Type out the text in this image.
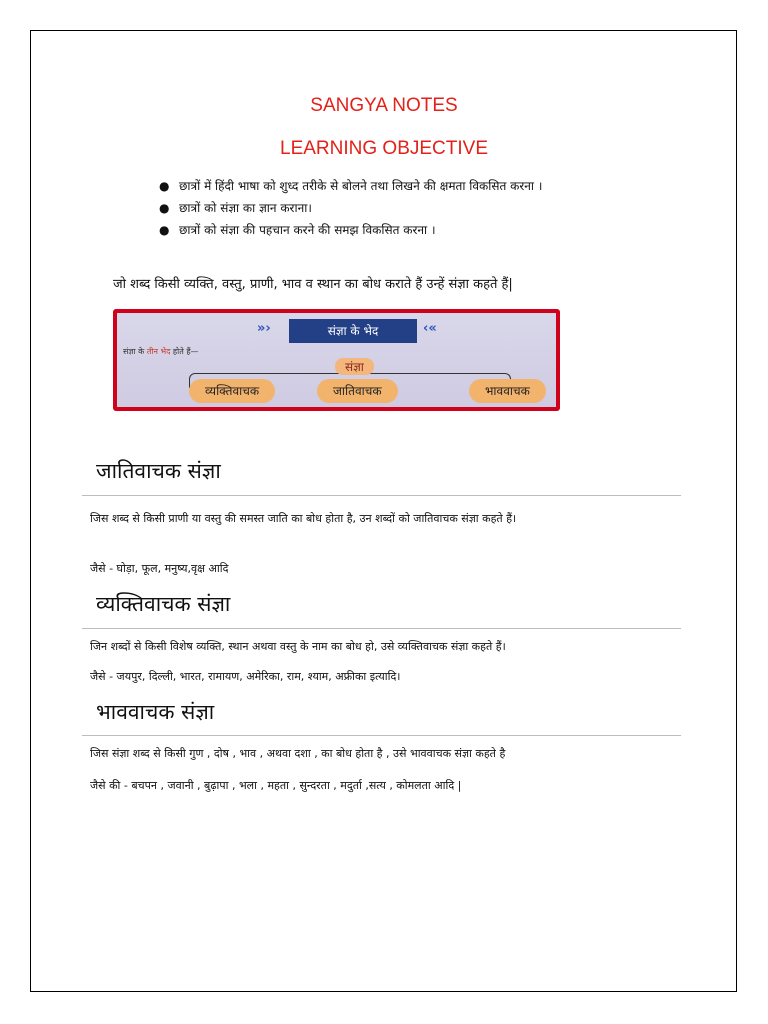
SANGYA NOTES
LEARNING OBJECTIVE
● छात्रों में हिंदी भाषा को शुध्द तरीके से बोलने तथा लिखने की क्षमता विकसित करना ।
● छात्रों को संज्ञा का ज्ञान कराना।
● छात्रों को संज्ञा की पहचान करने की समझ विकसित करना ।
जो शब्द किसी व्यक्ति, वस्तु, प्राणी, भाव व स्थान का बोध कराते हैं उन्हें संज्ञा कहते हैं|
»›	संज्ञा के भेद	‹«
संज्ञा के तीन भेद होते हैं—
संज्ञा
व्यक्तिवाचक	जातिवाचक	भाववाचक
जातिवाचक संज्ञा
जिस शब्द से किसी प्राणी या वस्तु की समस्त जाति का बोध होता है, उन शब्दों को जातिवाचक संज्ञा कहते हैं।
जैसे - घोड़ा, फूल, मनुष्य,वृक्ष आदि
व्यक्तिवाचक संज्ञा
जिन शब्दों से किसी विशेष व्यक्ति, स्थान अथवा वस्तु के नाम का बोध हो, उसे व्यक्तिवाचक संज्ञा कहते हैं।
जैसे - जयपुर, दिल्ली, भारत, रामायण, अमेरिका, राम, श्याम, अफ्रीका इत्यादि।
भाववाचक संज्ञा
जिस संज्ञा शब्द से किसी गुण , दोष , भाव , अथवा दशा , का बोध होता है , उसे भाववाचक संज्ञा कहते है
जैसे की - बचपन , जवानी , बुढ़ापा , भला , महता , सुन्दरता , मदुर्ता ,सत्य , कोमलता आदि |
